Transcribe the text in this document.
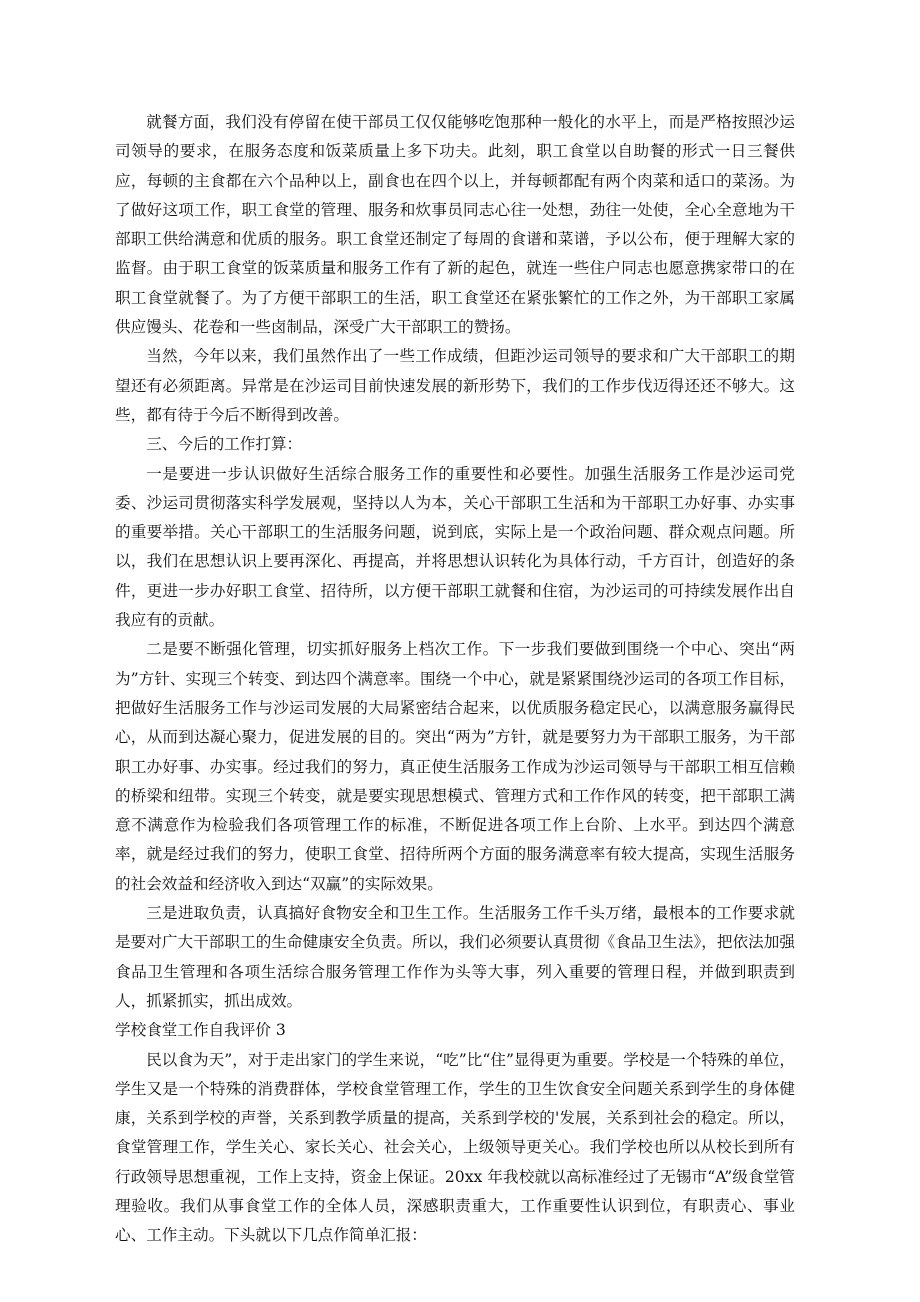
就餐方面，我们没有停留在使干部员工仅仅能够吃饱那种一般化的水平上，而是严格按照沙运司领导的要求，在服务态度和饭菜质量上多下功夫。此刻，职工食堂以自助餐的形式一日三餐供应，每顿的主食都在六个品种以上，副食也在四个以上，并每顿都配有两个肉菜和适口的菜汤。为了做好这项工作，职工食堂的管理、服务和炊事员同志心往一处想，劲往一处使，全心全意地为干部职工供给满意和优质的服务。职工食堂还制定了每周的食谱和菜谱，予以公布，便于理解大家的监督。由于职工食堂的饭菜质量和服务工作有了新的起色，就连一些住户同志也愿意携家带口的在职工食堂就餐了。为了方便干部职工的生活，职工食堂还在紧张繁忙的工作之外，为干部职工家属供应馒头、花卷和一些卤制品，深受广大干部职工的赞扬。

当然，今年以来，我们虽然作出了一些工作成绩，但距沙运司领导的要求和广大干部职工的期望还有必须距离。异常是在沙运司目前快速发展的新形势下，我们的工作步伐迈得还还不够大。这些，都有待于今后不断得到改善。

三、今后的工作打算：

一是要进一步认识做好生活综合服务工作的重要性和必要性。加强生活服务工作是沙运司党委、沙运司贯彻落实科学发展观，坚持以人为本，关心干部职工生活和为干部职工办好事、办实事的重要举措。关心干部职工的生活服务问题，说到底，实际上是一个政治问题、群众观点问题。所以，我们在思想认识上要再深化、再提高，并将思想认识转化为具体行动，千方百计，创造好的条件，更进一步办好职工食堂、招待所，以方便干部职工就餐和住宿，为沙运司的可持续发展作出自我应有的贡献。

二是要不断强化管理，切实抓好服务上档次工作。下一步我们要做到围绕一个中心、突出“两为”方针、实现三个转变、到达四个满意率。围绕一个中心，就是紧紧围绕沙运司的各项工作目标，把做好生活服务工作与沙运司发展的大局紧密结合起来，以优质服务稳定民心，以满意服务赢得民心，从而到达凝心聚力，促进发展的目的。突出“两为”方针，就是要努力为干部职工服务，为干部职工办好事、办实事。经过我们的努力，真正使生活服务工作成为沙运司领导与干部职工相互信赖的桥梁和纽带。实现三个转变，就是要实现思想模式、管理方式和工作作风的转变，把干部职工满意不满意作为检验我们各项管理工作的标准，不断促进各项工作上台阶、上水平。到达四个满意率，就是经过我们的努力，使职工食堂、招待所两个方面的服务满意率有较大提高，实现生活服务的社会效益和经济收入到达“双赢”的实际效果。

三是进取负责，认真搞好食物安全和卫生工作。生活服务工作千头万绪，最根本的工作要求就是要对广大干部职工的生命健康安全负责。所以，我们必须要认真贯彻《食品卫生法》，把依法加强食品卫生管理和各项生活综合服务管理工作作为头等大事，列入重要的管理日程，并做到职责到人，抓紧抓实，抓出成效。

学校食堂工作自我评价 3

民以食为天”，对于走出家门的学生来说，“吃”比“住”显得更为重要。学校是一个特殊的单位，学生又是一个特殊的消费群体，学校食堂管理工作，学生的卫生饮食安全问题关系到学生的身体健康，关系到学校的声誉，关系到教学质量的提高，关系到学校的'发展，关系到社会的稳定。所以，食堂管理工作，学生关心、家长关心、社会关心，上级领导更关心。我们学校也所以从校长到所有行政领导思想重视，工作上支持，资金上保证。20xx 年我校就以高标准经过了无锡市“A”级食堂管理验收。我们从事食堂工作的全体人员，深感职责重大，工作重要性认识到位，有职责心、事业心、工作主动。下头就以下几点作简单汇报：
